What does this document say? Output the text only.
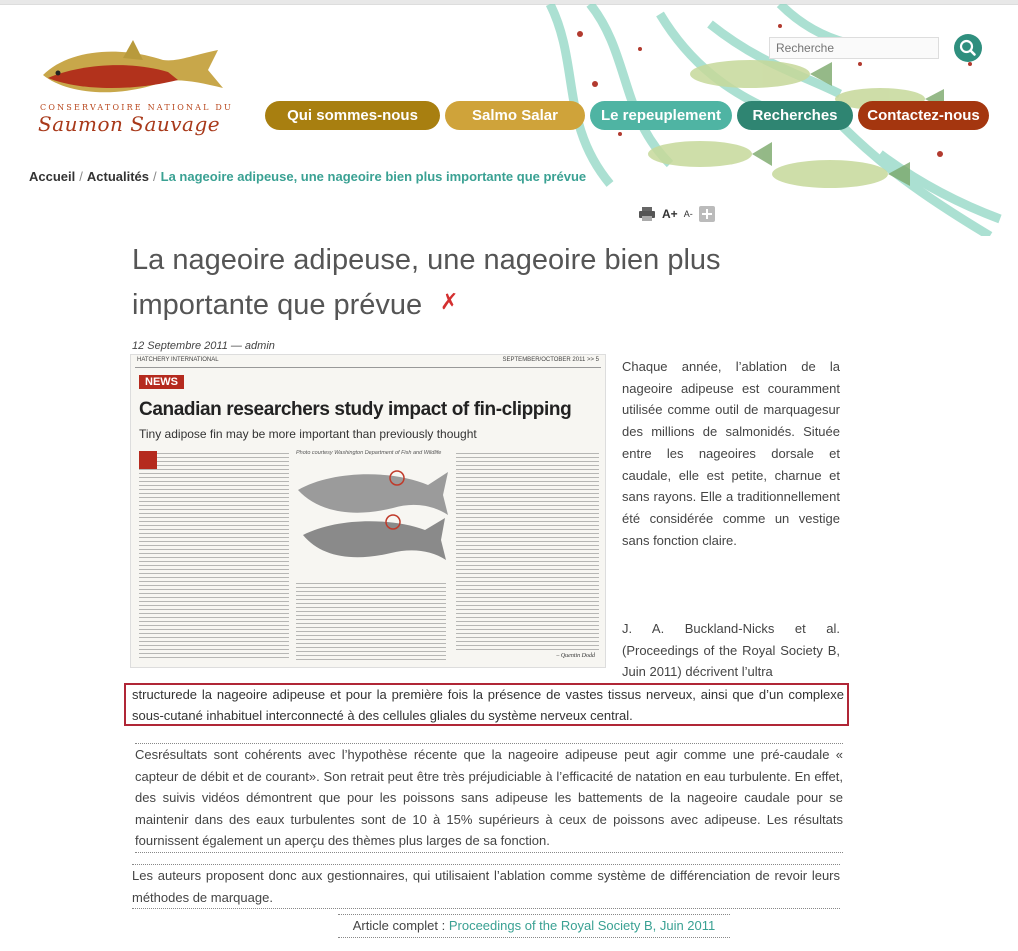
CONSERVATOIRE NATIONAL DU
Saumon Sauvage
Recherche	Qui sommes-nous	Salmo Salar	Le repeuplement	Recherches	Contactez-nous
Accueil / Actualités / La nageoire adipeuse, une nageoire bien plus importante que prévue
A+ A-
La nageoire adipeuse, une nageoire bien plus
importante que prévue ✗
12 Septembre 2011 — admin
HATCHERY INTERNATIONAL	SEPTEMBER/OCTOBER 2011 >> 5
NEWS
Canadian researchers study impact of fin-clipping
Tiny adipose fin may be more important than previously thought
Photo courtesy Washington Department of Fish and Wildlife
– Quentin Dodd
Chaque année, l’ablation de la nageoire adipeuse est couramment utilisée comme outil de marquagesur des millions de salmonidés. Située entre les nageoires dorsale et caudale, elle est petite, charnue et sans rayons. Elle a traditionnellement été considérée comme un vestige sans fonction claire.
J. A. Buckland-Nicks et al. (Proceedings of the Royal Society B, Juin 2011) décrivent l’ultra
structurede la nageoire adipeuse et pour la première fois la présence de vastes tissus nerveux, ainsi que d’un complexe sous-cutané inhabituel interconnecté à des cellules gliales du système nerveux central.
Cesrésultats sont cohérents avec l’hypothèse récente que la nageoire adipeuse peut agir comme une pré-caudale « capteur de débit et de courant». Son retrait peut être très préjudiciable à l’efficacité de natation en eau turbulente. En effet, des suivis vidéos démontrent que pour les poissons sans adipeuse les battements de la nageoire caudale pour se maintenir dans des eaux turbulentes sont de 10 à 15% supérieurs à ceux de poissons avec adipeuse. Les résultats fournissent également un aperçu des thèmes plus larges de sa fonction.
Les auteurs proposent donc aux gestionnaires, qui utilisaient l’ablation comme système de différenciation de revoir leurs méthodes de marquage.
Article complet : Proceedings of the Royal Society B, Juin 2011
